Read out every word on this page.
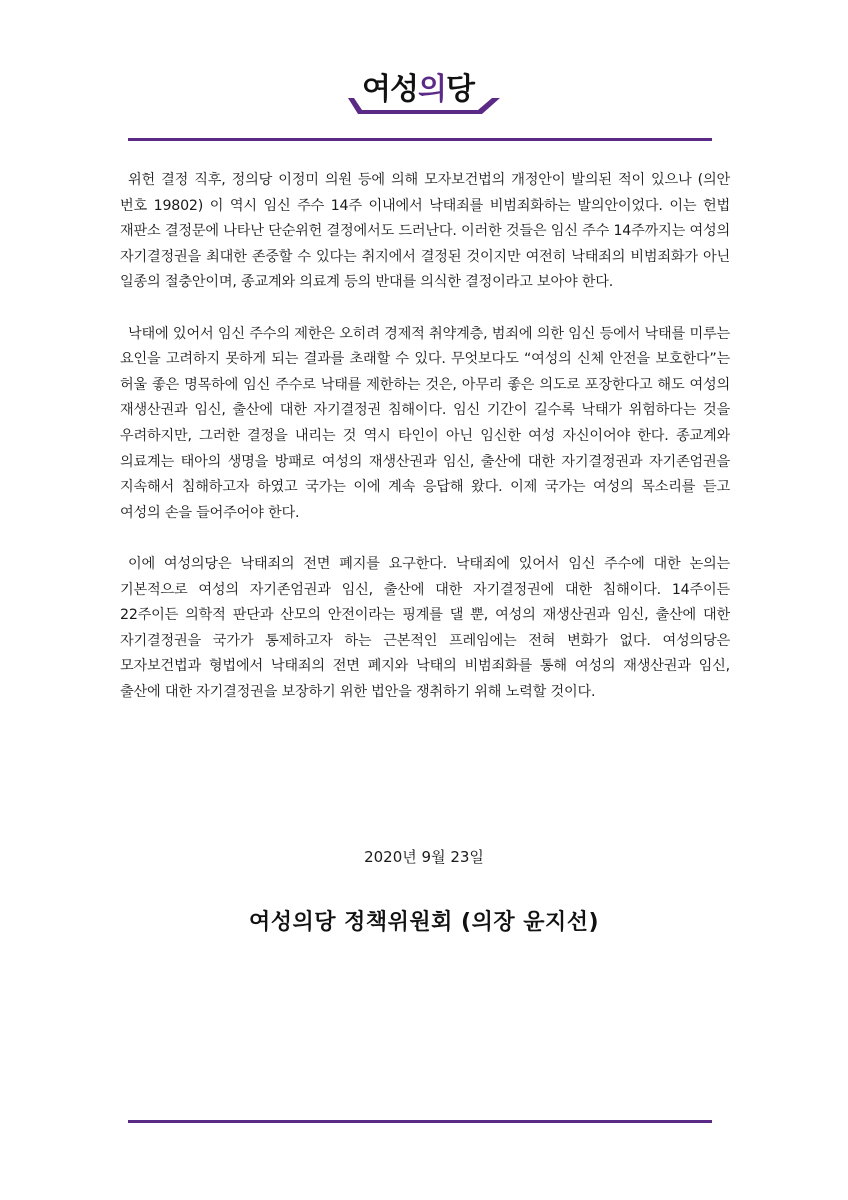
여성의당

위헌 결정 직후, 정의당 이정미 의원 등에 의해 모자보건법의 개정안이 발의된 적이 있으나 (의안 번호 19802) 이 역시 임신 주수 14주 이내에서 낙태죄를 비범죄화하는 발의안이었다. 이는 헌법 재판소 결정문에 나타난 단순위헌 결정에서도 드러난다. 이러한 것들은 임신 주수 14주까지는 여성의 자기결정권을 최대한 존중할 수 있다는 취지에서 결정된 것이지만 여전히 낙태죄의 비범죄화가 아닌 일종의 절충안이며, 종교계와 의료계 등의 반대를 의식한 결정이라고 보아야 한다.

낙태에 있어서 임신 주수의 제한은 오히려 경제적 취약계층, 범죄에 의한 임신 등에서 낙태를 미루는 요인을 고려하지 못하게 되는 결과를 초래할 수 있다. 무엇보다도 “여성의 신체 안전을 보호한다”는 허울 좋은 명목하에 임신 주수로 낙태를 제한하는 것은, 아무리 좋은 의도로 포장한다고 해도 여성의 재생산권과 임신, 출산에 대한 자기결정권 침해이다. 임신 기간이 길수록 낙태가 위험하다는 것을 우려하지만, 그러한 결정을 내리는 것 역시 타인이 아닌 임신한 여성 자신이어야 한다. 종교계와 의료계는 태아의 생명을 방패로 여성의 재생산권과 임신, 출산에 대한 자기결정권과 자기존엄권을 지속해서 침해하고자 하였고 국가는 이에 계속 응답해 왔다. 이제 국가는 여성의 목소리를 듣고 여성의 손을 들어주어야 한다.

이에 여성의당은 낙태죄의 전면 폐지를 요구한다. 낙태죄에 있어서 임신 주수에 대한 논의는 기본적으로 여성의 자기존엄권과 임신, 출산에 대한 자기결정권에 대한 침해이다. 14주이든 22주이든 의학적 판단과 산모의 안전이라는 핑계를 댈 뿐, 여성의 재생산권과 임신, 출산에 대한 자기결정권을 국가가 통제하고자 하는 근본적인 프레임에는 전혀 변화가 없다. 여성의당은 모자보건법과 형법에서 낙태죄의 전면 폐지와 낙태의 비범죄화를 통해 여성의 재생산권과 임신, 출산에 대한 자기결정권을 보장하기 위한 법안을 쟁취하기 위해 노력할 것이다.

2020년 9월 23일
여성의당 정책위원회 (의장 윤지선)
